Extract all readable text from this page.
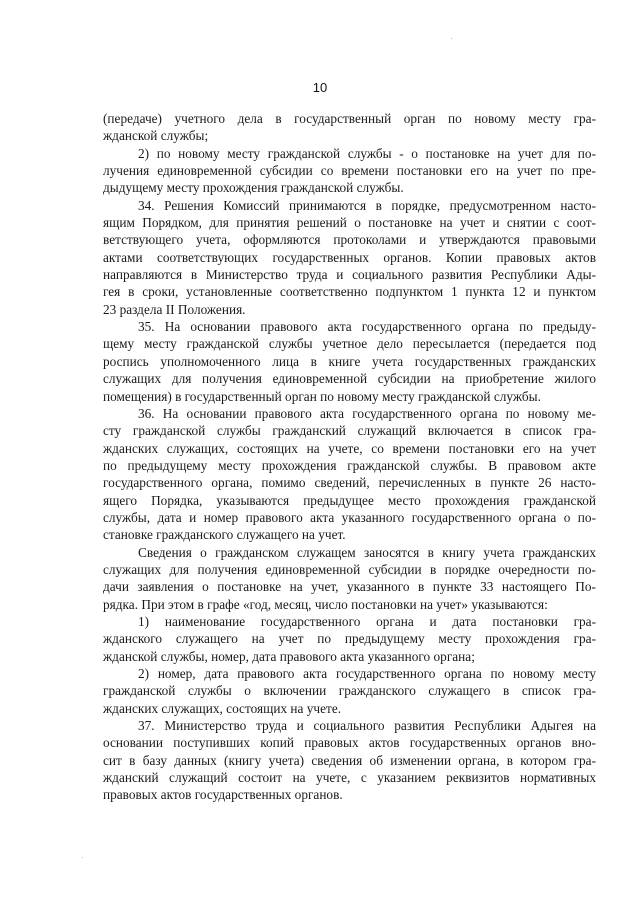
10

(передаче) учетного дела в государственный орган по новому месту гра-
жданской службы;

2) по новому месту гражданской службы - о постановке на учет для по-
лучения единовременной субсидии со времени постановки его на учет по пре-
дыдущему месту прохождения гражданской службы.

34. Решения Комиссий принимаются в порядке, предусмотренном насто-
ящим Порядком, для принятия решений о постановке на учет и снятии с соот-
ветствующего учета, оформляются протоколами и утверждаются правовыми
актами соответствующих государственных органов. Копии правовых актов
направляются в Министерство труда и социального развития Республики Ады-
гея в сроки, установленные соответственно подпунктом 1 пункта 12 и пунктом
23 раздела II Положения.

35. На основании правового акта государственного органа по предыду-
щему месту гражданской службы учетное дело пересылается (передается под
роспись уполномоченного лица в книге учета государственных гражданских
служащих для получения единовременной субсидии на приобретение жилого
помещения) в государственный орган по новому месту гражданской службы.

36. На основании правового акта государственного органа по новому ме-
сту гражданской службы гражданский служащий включается в список гра-
жданских служащих, состоящих на учете, со времени постановки его на учет
по предыдущему месту прохождения гражданской службы. В правовом акте
государственного органа, помимо сведений, перечисленных в пункте 26 насто-
ящего Порядка, указываются предыдущее место прохождения гражданской
службы, дата и номер правового акта указанного государственного органа о по-
становке гражданского служащего на учет.

Сведения о гражданском служащем заносятся в книгу учета гражданских
служащих для получения единовременной субсидии в порядке очередности по-
дачи заявления о постановке на учет, указанного в пункте 33 настоящего По-
рядка. При этом в графе «год, месяц, число постановки на учет» указываются:

1) наименование государственного органа и дата постановки гра-
жданского служащего на учет по предыдущему месту прохождения гра-
жданской службы, номер, дата правового акта указанного органа;

2) номер, дата правового акта государственного органа по новому месту
гражданской службы о включении гражданского служащего в список гра-
жданских служащих, состоящих на учете.

37. Министерство труда и социального развития Республики Адыгея на
основании поступивших копий правовых актов государственных органов вно-
сит в базу данных (книгу учета) сведения об изменении органа, в котором гра-
жданский служащий состоит на учете, с указанием реквизитов нормативных
правовых актов государственных органов.
